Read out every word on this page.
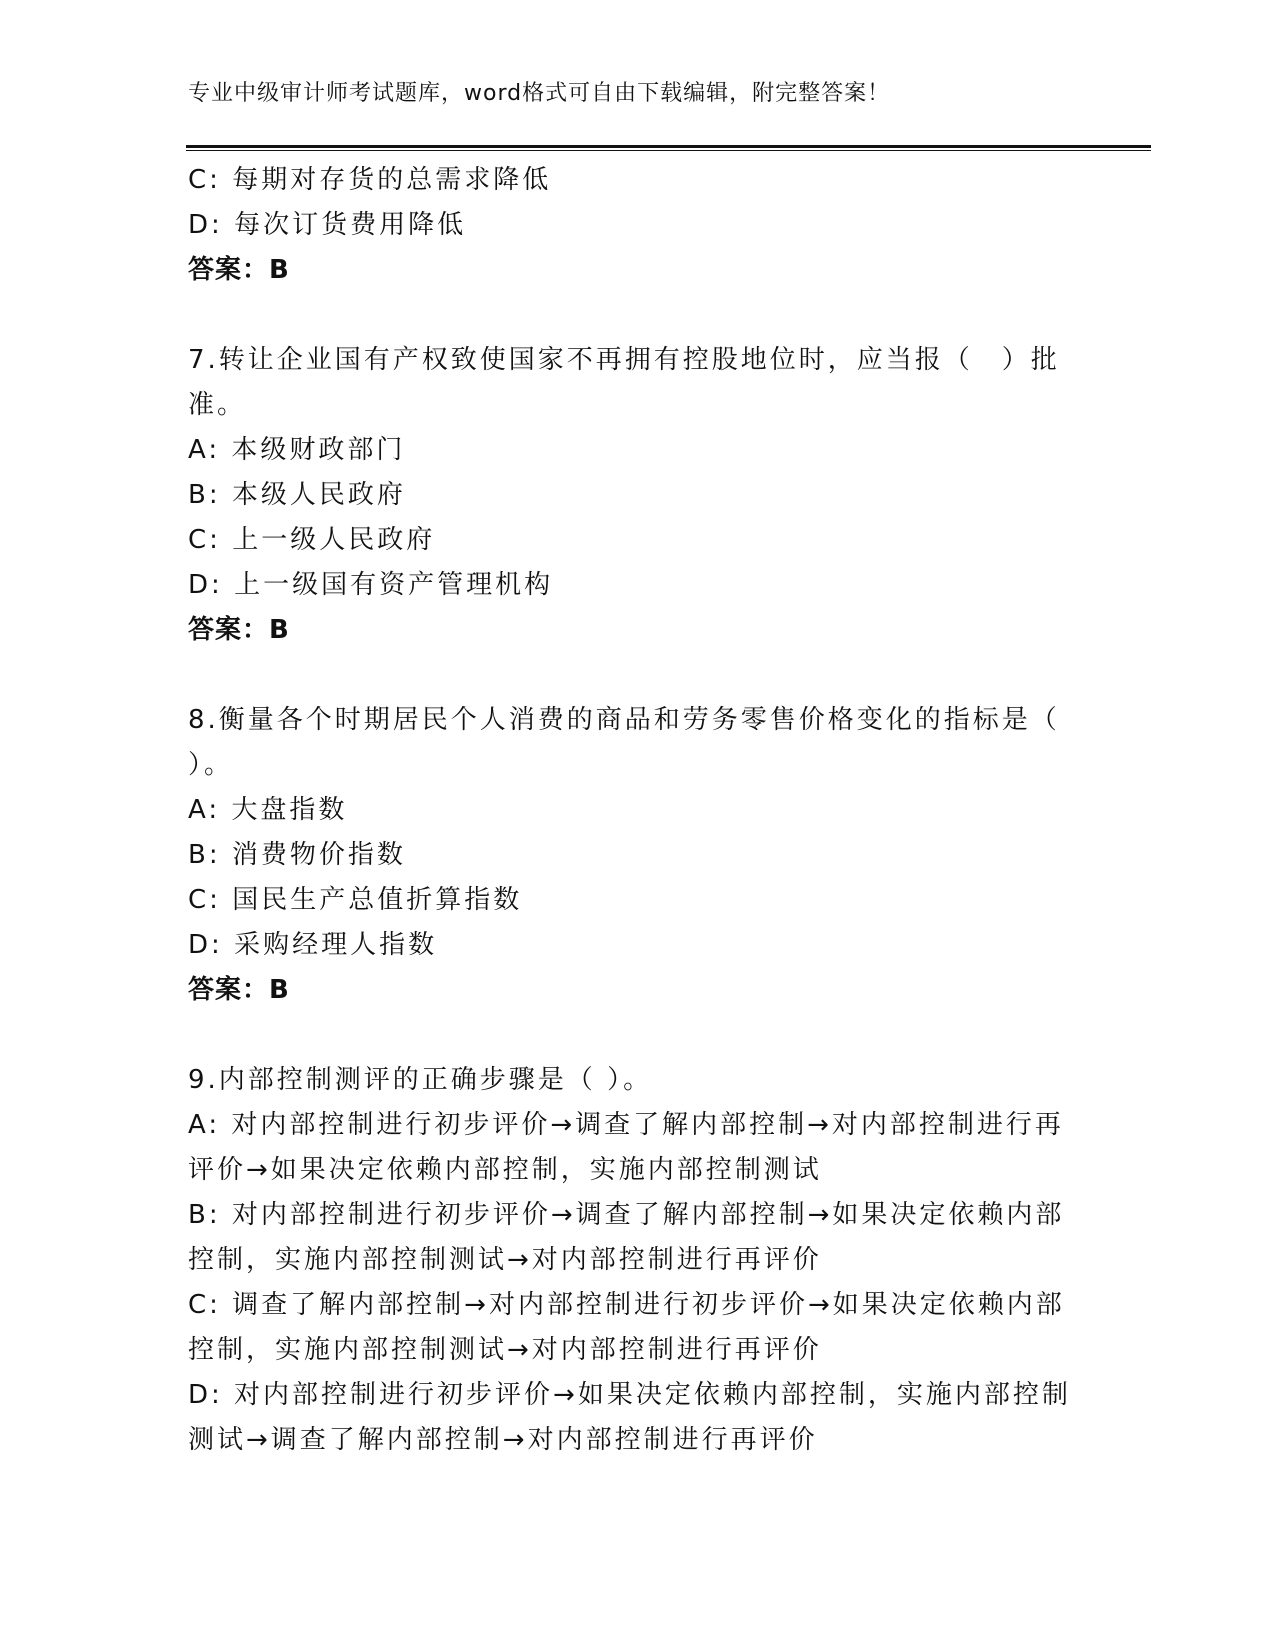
专业中级审计师考试题库，word格式可自由下载编辑，附完整答案！
C: 每期对存货的总需求降低
D: 每次订货费用降低
答案：B
7.转让企业国有产权致使国家不再拥有控股地位时，应当报（　）批
准。
A: 本级财政部门
B: 本级人民政府
C: 上一级人民政府
D: 上一级国有资产管理机构
答案：B
8.衡量各个时期居民个人消费的商品和劳务零售价格变化的指标是（
）。
A: 大盘指数
B: 消费物价指数
C: 国民生产总值折算指数
D: 采购经理人指数
答案：B
9.内部控制测评的正确步骤是（ ）。
A: 对内部控制进行初步评价→调查了解内部控制→对内部控制进行再
评价→如果决定依赖内部控制，实施内部控制测试
B: 对内部控制进行初步评价→调查了解内部控制→如果决定依赖内部
控制，实施内部控制测试→对内部控制进行再评价
C: 调查了解内部控制→对内部控制进行初步评价→如果决定依赖内部
控制，实施内部控制测试→对内部控制进行再评价
D: 对内部控制进行初步评价→如果决定依赖内部控制，实施内部控制
测试→调查了解内部控制→对内部控制进行再评价
